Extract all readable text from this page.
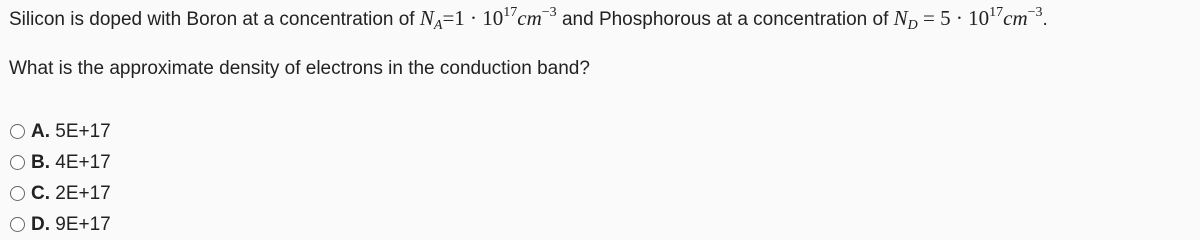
Silicon is doped with Boron at a concentration of $NA=1 \cdot 10^{17}cm^{-3}$ and Phosphorous at a concentration of ND = $5 \cdot 10^{17}cm^{-3}$.
What is the approximate density of electrons in the conduction band?
A. 5E+17
B. 4E+17
C. 2E+17
D. 9E+17
